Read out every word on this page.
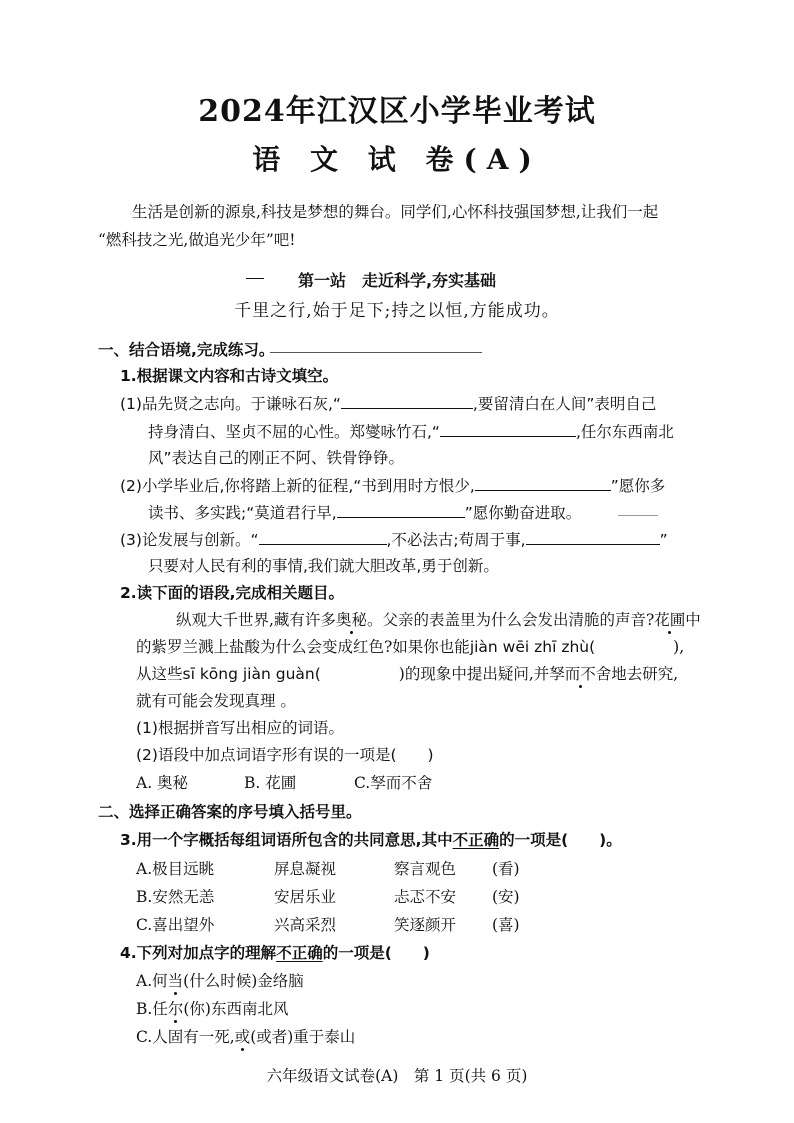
2024年江汉区小学毕业考试
语 文 试 卷(A)
生活是创新的源泉,科技是梦想的舞台。同学们,心怀科技强国梦想,让我们一起
“燃科技之光,做追光少年”吧!
第一站　走近科学,夯实基础
千里之行,始于足下;持之以恒,方能成功。
一、结合语境,完成练习。
1.根据课文内容和古诗文填空。
(1)品先贤之志向。于谦咏石灰,“	,要留清白在人间”表明自己
持身清白、坚贞不屈的心性。郑燮咏竹石,“	,任尔东西南北
风”表达自己的刚正不阿、铁骨铮铮。
(2)小学毕业后,你将踏上新的征程,“书到用时方恨少,	”愿你多
读书、多实践;“莫道君行早,	”愿你勤奋进取。
(3)论发展与创新。“	,不必法古;苟周于事,	”
只要对人民有利的事情,我们就大胆改革,勇于创新。
2.读下面的语段,完成相关题目。
纵观大千世界,藏有许多奥秘。父亲的表盖里为什么会发出清脆的声音?花圃中
的紫罗兰溅上盐酸为什么会变成红色?如果你也能jiàn wēi zhī zhù(	),
从这些sī kōng jiàn guàn(	)的现象中提出疑问,并孥而不舍地去研究,
就有可能会发现真理 。
(1)根据拼音写出相应的词语。
(2)语段中加点词语字形有误的一项是(　　)
A. 奥秘	B. 花圃	C.孥而不舍
二、选择正确答案的序号填入括号里。
3.用一个字概括每组词语所包含的共同意思,其中不正确的一项是(　　)。
A.极目远眺	屏息凝视	察言观色 (看)
B.安然无恙	安居乐业	忐忑不安 (安)
C.喜出望外	兴高采烈	笑逐颜开 (喜)
4.下列对加点字的理解不正确的一项是(　　)
A.何当(什么时候)金络脑
B.任尔(你)东西南北风
C.人固有一死,或(或者)重于泰山
六年级语文试卷(A)　第 1 页(共 6 页)
